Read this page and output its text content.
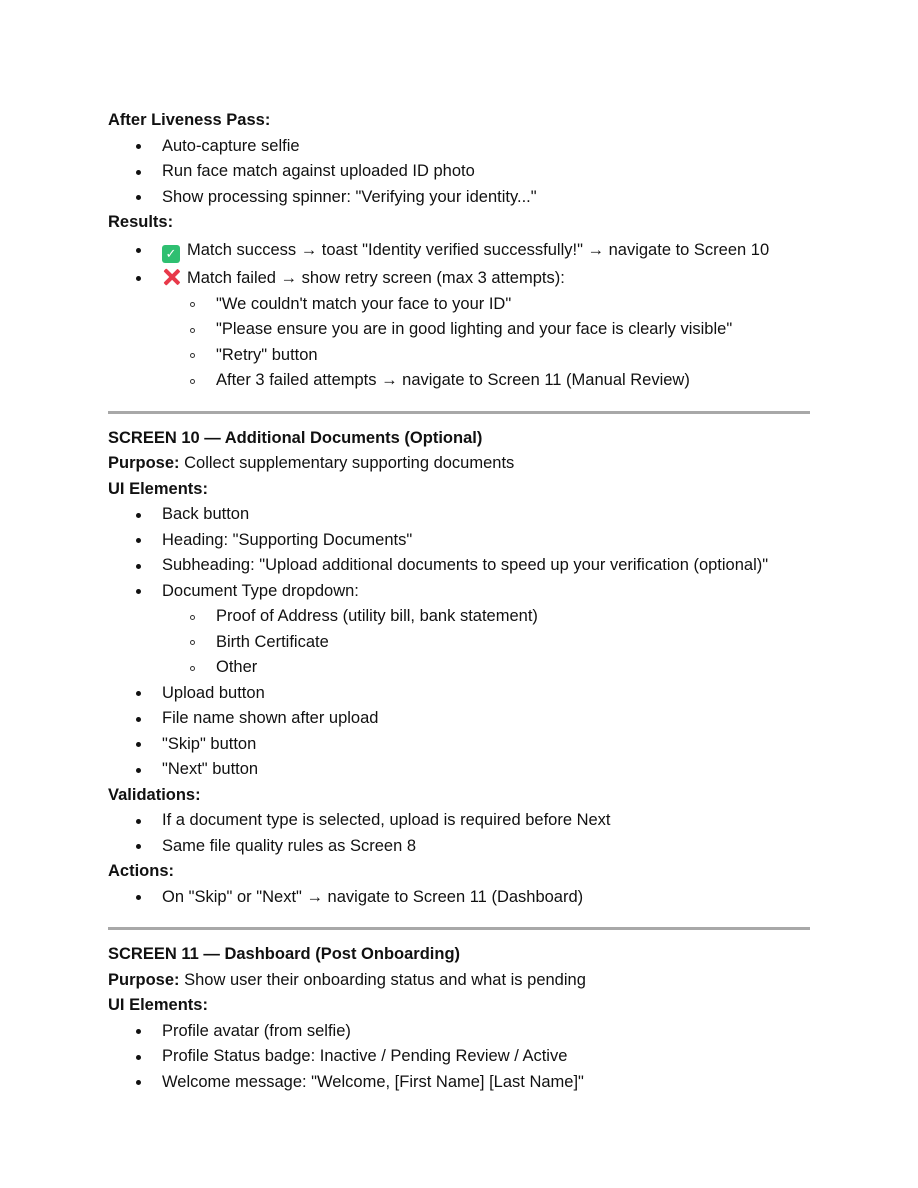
After Liveness Pass:
Auto-capture selfie
Run face match against uploaded ID photo
Show processing spinner: "Verifying your identity..."
Results:
✓ Match success → toast "Identity verified successfully!" → navigate to Screen 10
Match failed → show retry screen (max 3 attempts):
"We couldn't match your face to your ID"
"Please ensure you are in good lighting and your face is clearly visible"
"Retry" button
After 3 failed attempts → navigate to Screen 11 (Manual Review)
SCREEN 10 — Additional Documents (Optional)
Purpose: Collect supplementary supporting documents
UI Elements:
Back button
Heading: "Supporting Documents"
Subheading: "Upload additional documents to speed up your verification (optional)"
Document Type dropdown:
Proof of Address (utility bill, bank statement)
Birth Certificate
Other
Upload button
File name shown after upload
"Skip" button
"Next" button
Validations:
If a document type is selected, upload is required before Next
Same file quality rules as Screen 8
Actions:
On "Skip" or "Next" → navigate to Screen 11 (Dashboard)
SCREEN 11 — Dashboard (Post Onboarding)
Purpose: Show user their onboarding status and what is pending
UI Elements:
Profile avatar (from selfie)
Profile Status badge: Inactive / Pending Review / Active
Welcome message: "Welcome, [First Name] [Last Name]"
